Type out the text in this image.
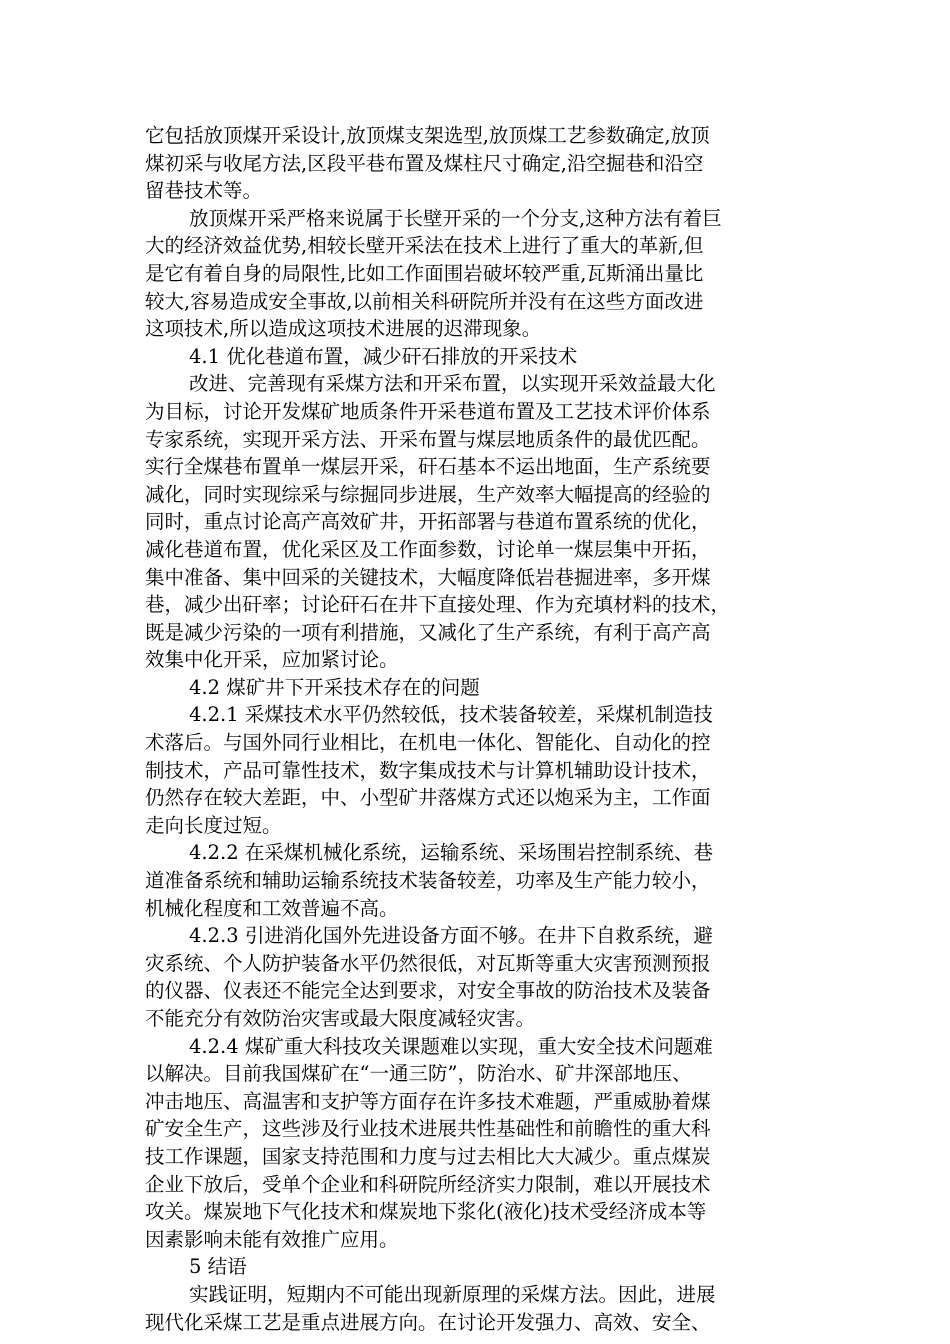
它包括放顶煤开采设计,放顶煤支架选型,放顶煤工艺参数确定,放顶
煤初采与收尾方法,区段平巷布置及煤柱尺寸确定,沿空掘巷和沿空
留巷技术等。
放顶煤开采严格来说属于长壁开采的一个分支,这种方法有着巨
大的经济效益优势,相较长壁开采法在技术上进行了重大的革新,但
是它有着自身的局限性,比如工作面围岩破坏较严重,瓦斯涌出量比
较大,容易造成安全事故,以前相关科研院所并没有在这些方面改进
这项技术,所以造成这项技术进展的迟滞现象。
4.1 优化巷道布置，减少矸石排放的开采技术
改进、完善现有采煤方法和开采布置，以实现开采效益最大化
为目标，讨论开发煤矿地质条件开采巷道布置及工艺技术评价体系
专家系统，实现开采方法、开采布置与煤层地质条件的最优匹配。
实行全煤巷布置单一煤层开采，矸石基本不运出地面，生产系统要
减化，同时实现综采与综掘同步进展，生产效率大幅提高的经验的
同时，重点讨论高产高效矿井，开拓部署与巷道布置系统的优化，
减化巷道布置，优化采区及工作面参数，讨论单一煤层集中开拓，
集中准备、集中回采的关键技术，大幅度降低岩巷掘进率，多开煤
巷，减少出矸率；讨论矸石在井下直接处理、作为充填材料的技术，
既是减少污染的一项有利措施，又减化了生产系统，有利于高产高
效集中化开采，应加紧讨论。
4.2 煤矿井下开采技术存在的问题
4.2.1 采煤技术水平仍然较低，技术装备较差，采煤机制造技
术落后。与国外同行业相比，在机电一体化、智能化、自动化的控
制技术，产品可靠性技术，数字集成技术与计算机辅助设计技术，
仍然存在较大差距，中、小型矿井落煤方式还以炮采为主，工作面
走向长度过短。
4.2.2 在采煤机械化系统，运输系统、采场围岩控制系统、巷
道准备系统和辅助运输系统技术装备较差，功率及生产能力较小，
机械化程度和工效普遍不高。
4.2.3 引进消化国外先进设备方面不够。在井下自救系统，避
灾系统、个人防护装备水平仍然很低，对瓦斯等重大灾害预测预报
的仪器、仪表还不能完全达到要求，对安全事故的防治技术及装备
不能充分有效防治灾害或最大限度减轻灾害。
4.2.4 煤矿重大科技攻关课题难以实现，重大安全技术问题难
以解决。目前我国煤矿在“一通三防”，防治水、矿井深部地压、
冲击地压、高温害和支护等方面存在许多技术难题，严重威胁着煤
矿安全生产，这些涉及行业技术进展共性基础性和前瞻性的重大科
技工作课题，国家支持范围和力度与过去相比大大减少。重点煤炭
企业下放后，受单个企业和科研院所经济实力限制，难以开展技术
攻关。煤炭地下气化技术和煤炭地下浆化(液化)技术受经济成本等
因素影响未能有效推广应用。
5 结语
实践证明，短期内不可能出现新原理的采煤方法。因此，进展
现代化采煤工艺是重点进展方向。在讨论开发强力、高效、安全、
